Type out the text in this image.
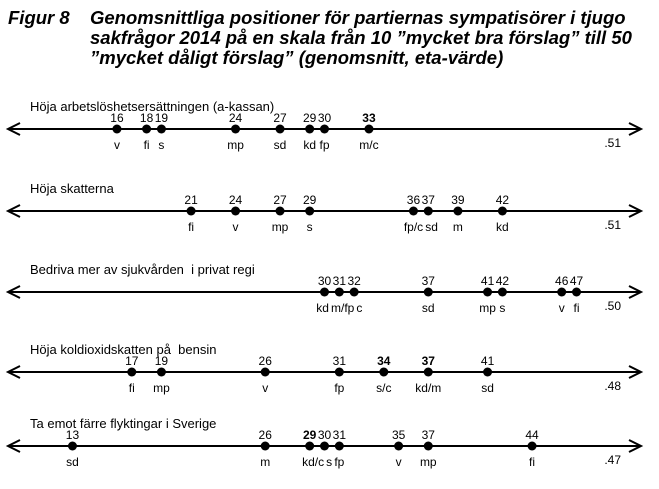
Figur 8 Genomsnittliga positioner för partiernas sympatisörer i tjugo
sakfrågor 2014 på en skala från 10 ”mycket bra förslag” till 50
”mycket dåligt förslag” (genomsnitt, eta-värde)
Höja arbetslöshetsersättningen (a-kassan)
16
v
18
fi
19
s
24
mp
27
sd
29
kd
30
fp
33
m/c	.51
Höja skatterna
21
fi
24
v
27
mp
29
s
36
fp/c
37
sd
39
m
42
kd	.51
Bedriva mer av sjukvården  i privat regi
30
kd
31
m/fp
32
c
37
sd
41
mp
42
s
46
v
47
fi .50
Höja koldioxidskatten på  bensin
17
fi
19
mp
26
v
31
fp
34
s/c
37
kd/m
41
sd	.48
Ta emot färre flyktingar i Sverige
13
sd
26
m
29
kd/c
30
s
31
fp
35
v
37
mp
44
fi	.47
